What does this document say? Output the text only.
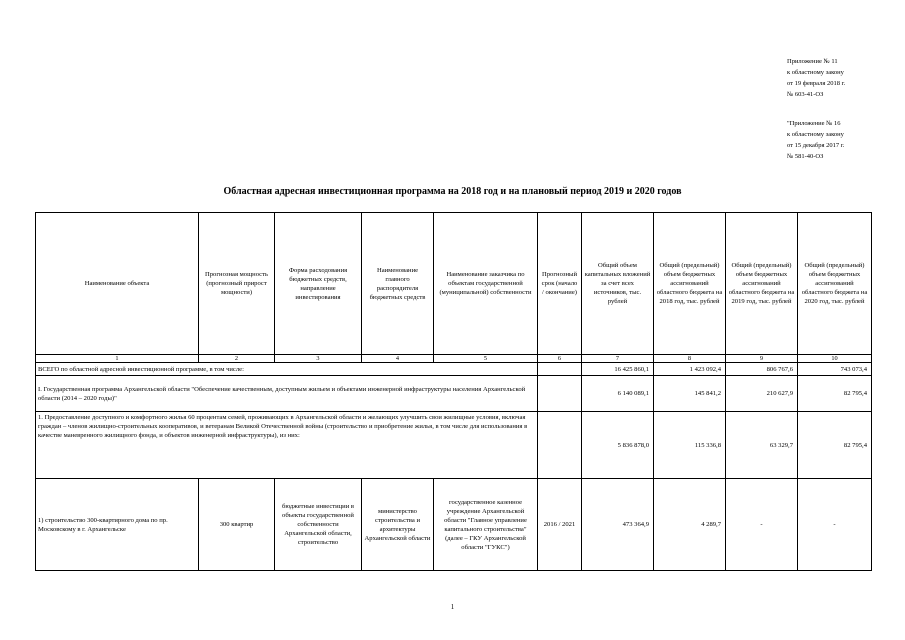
Приложение № 11
к областному закону
от 19 февраля 2018 г.
№ 603-41-ОЗ
"Приложение № 16
к областному закону
от 15 декабря 2017 г.
№ 581-40-ОЗ
Областная адресная инвестиционная программа на 2018 год и на плановый период 2019 и 2020 годов
Наименование объекта	Прогнозная мощность (прогнозный прирост мощности)	Форма расходования бюджетных средств, направление инвестирования	Наименование главного распорядителя бюджетных средств	Наименование заказчика по объектам государственной (муниципальной) собственности	Прогнозный срок (начало / окончание)	Общий объем капитальных вложений за счет всех источников, тыс. рублей	Общий (предельный) объем бюджетных ассигнований областного бюджета на 2018 год, тыс. рублей	Общий (предельный) объем бюджетных ассигнований областного бюджета на 2019 год, тыс. рублей	Общий (предельный) объем бюджетных ассигнований областного бюджета на 2020 год, тыс. рублей
1	2	3	4	5	6	7	8	9	10
ВСЕГО по областной адресной инвестиционной программе, в том числе:						16 425 860,1	1 423 092,4	806 767,6	743 073,4
I. Государственная программа Архангельской области "Обеспечение качественным, доступным жильем и объектами инженерной инфраструктуры населения Архангельской области (2014 – 2020 годы)"						6 140 089,1	145 841,2	210 627,9	82 795,4
1. Предоставление доступного и комфортного жилья 60 процентам семей, проживающих в Архангельской области и желающих улучшить свои жилищные условия, включая граждан – членов жилищно-строительных кооперативов, и ветеранам Великой Отечественной войны (строительство и приобретение жилья, в том числе для использования в качестве маневренного жилищного фонда, и объектов инженерной инфраструктуры), из них:						5 836 878,0	115 336,8	63 329,7	82 795,4
1) строительство 300-квартирного дома по пр. Московскому в г. Архангельске	300 квартир	бюджетные инвестиции в объекты государственной собственности Архангельской области, строительство	министерство строительства и архитектуры Архангельской области	государственное казенное учреждение Архангельской области "Главное управление капитального строительства" (далее – ГКУ Архангельской области "ГУКС")	2016 / 2021	473 364,9	4 289,7	-	-
1
